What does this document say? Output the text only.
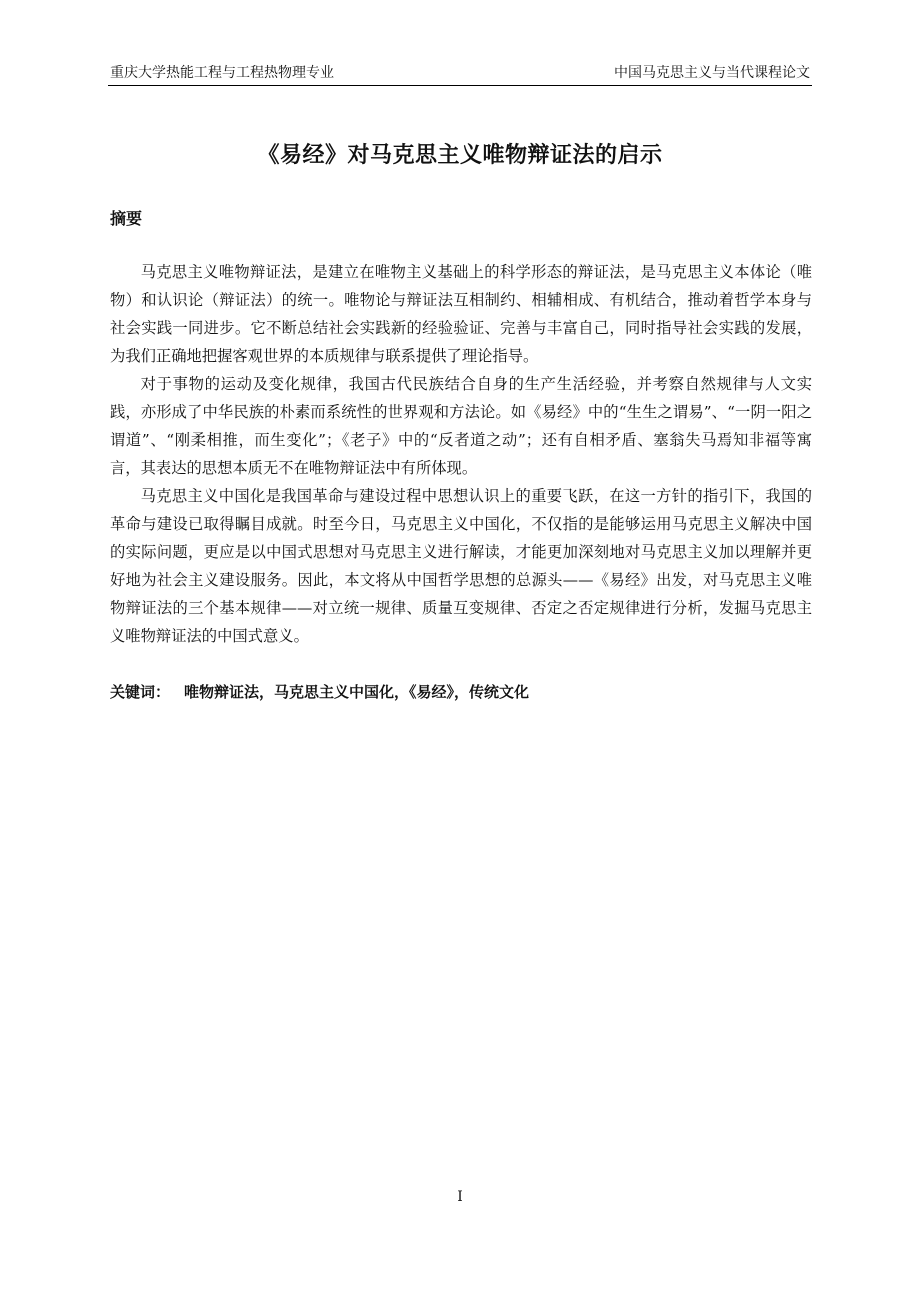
重庆大学热能工程与工程热物理专业	中国马克思主义与当代课程论文
《易经》对马克思主义唯物辩证法的启示
摘要

马克思主义唯物辩证法，是建立在唯物主义基础上的科学形态的辩证法，是马克思主义本体论（唯物）和认识论（辩证法）的统一。唯物论与辩证法互相制约、相辅相成、有机结合，推动着哲学本身与社会实践一同进步。它不断总结社会实践新的经验验证、完善与丰富自己，同时指导社会实践的发展，为我们正确地把握客观世界的本质规律与联系提供了理论指导。

对于事物的运动及变化规律，我国古代民族结合自身的生产生活经验，并考察自然规律与人文实践，亦形成了中华民族的朴素而系统性的世界观和方法论。如《易经》中的“生生之谓易”、“一阴一阳之谓道”、“刚柔相推，而生变化”；《老子》中的“反者道之动”；还有自相矛盾、塞翁失马焉知非福等寓言，其表达的思想本质无不在唯物辩证法中有所体现。

马克思主义中国化是我国革命与建设过程中思想认识上的重要飞跃，在这一方针的指引下，我国的革命与建设已取得瞩目成就。时至今日，马克思主义中国化，不仅指的是能够运用马克思主义解决中国的实际问题，更应是以中国式思想对马克思主义进行解读，才能更加深刻地对马克思主义加以理解并更好地为社会主义建设服务。因此，本文将从中国哲学思想的总源头——《易经》出发，对马克思主义唯物辩证法的三个基本规律——对立统一规律、质量互变规律、否定之否定规律进行分析，发掘马克思主义唯物辩证法的中国式意义。

关键词： 唯物辩证法，马克思主义中国化，《易经》，传统文化
I
